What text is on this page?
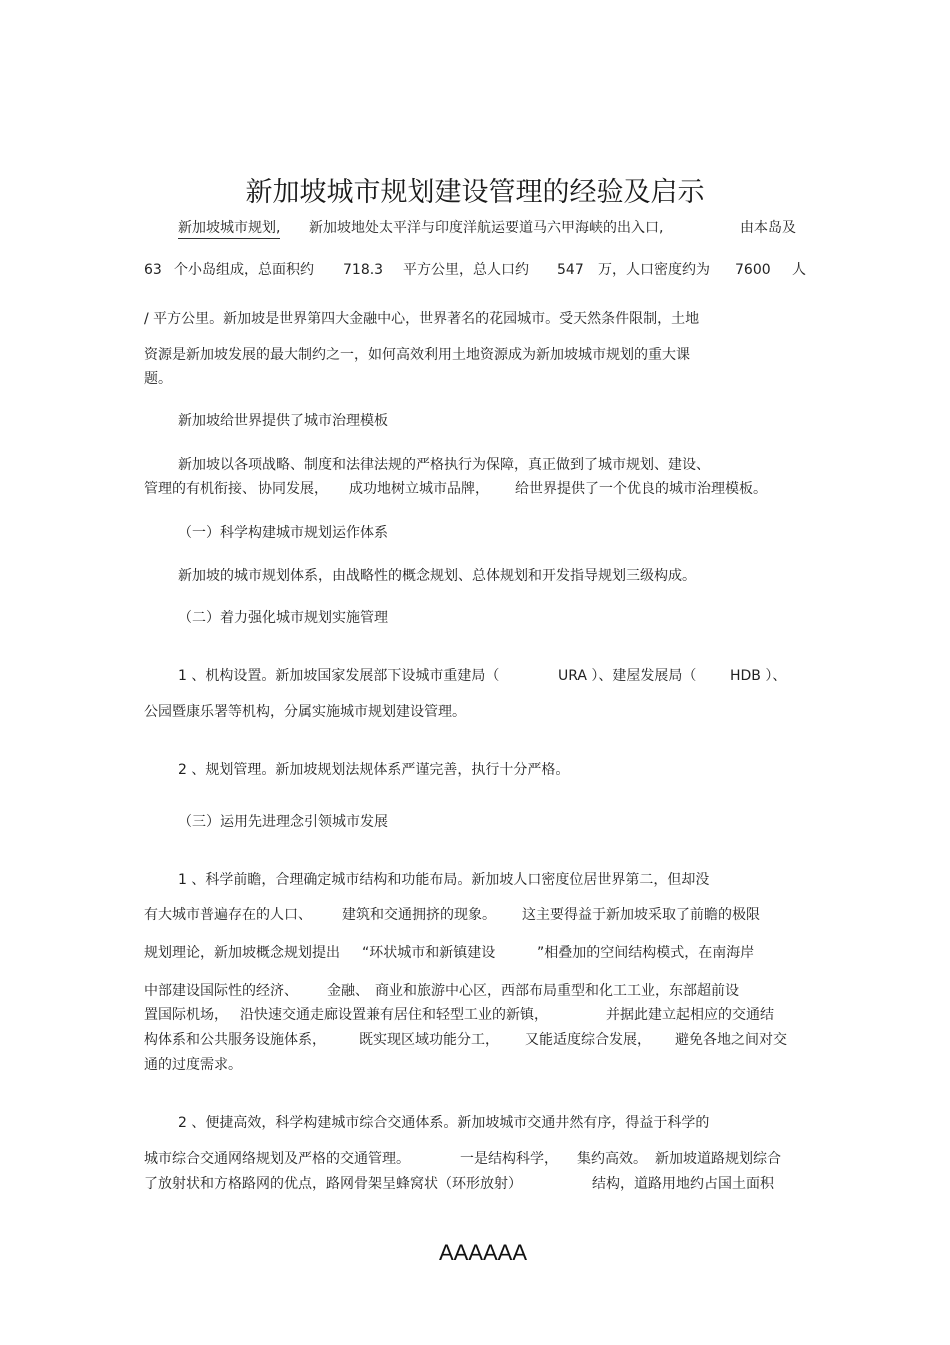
新加坡城市规划建设管理的经验及启示
新加坡城市规划, 新加坡地处太平洋与印度洋航运要道马六甲海峡的出入口,	由本岛及
63 个小岛组成，总面积约 718.3 平方公里，总人口约 547 万，人口密度约为 7600 人
/ 平方公里。新加坡是世界第四大金融中心，世界著名的花园城市。受天然条件限制，土地
资源是新加坡发展的最大制约之一，如何高效利用土地资源成为新加坡城市规划的重大课
题。
新加坡给世界提供了城市治理模板
新加坡以各项战略、制度和法律法规的严格执行为保障，真正做到了城市规划、建设、
管理的有机衔接、 协同发展， 成功地树立城市品牌， 给世界提供了一个优良的城市治理模板。
（一）科学构建城市规划运作体系
新加坡的城市规划体系，由战略性的概念规划、总体规划和开发指导规划三级构成。
（二）着力强化城市规划实施管理
1 、机构设置。新加坡国家发展部下设城市重建局（	URA ）、建屋发展局（ HDB ）、
公园暨康乐署等机构，分属实施城市规划建设管理。
2 、规划管理。新加坡规划法规体系严谨完善，执行十分严格。
（三）运用先进理念引领城市发展
1 、科学前瞻，合理确定城市结构和功能布局。新加坡人口密度位居世界第二，但却没
有大城市普遍存在的人口、 建筑和交通拥挤的现象。 这主要得益于新加坡采取了前瞻的极限
规划理论，新加坡概念规划提出 “环状城市和新镇建设	”相叠加的空间结构模式，在南海岸
中部建设国际性的经济、 金融、 商业和旅游中心区，西部布局重型和化工工业，东部超前设
置国际机场， 沿快速交通走廊设置兼有居住和轻型工业的新镇，	并据此建立起相应的交通结
构体系和公共服务设施体系， 既实现区域功能分工， 又能适度综合发展， 避免各地之间对交
通的过度需求。
2 、便捷高效，科学构建城市综合交通体系。新加坡城市交通井然有序，得益于科学的
城市综合交通网络规划及严格的交通管理。	一是结构科学， 集约高效。 新加坡道路规划综合
了放射状和方格路网的优点，路网骨架呈蜂窝状（环形放射）	结构，道路用地约占国土面积
AAAAAA
